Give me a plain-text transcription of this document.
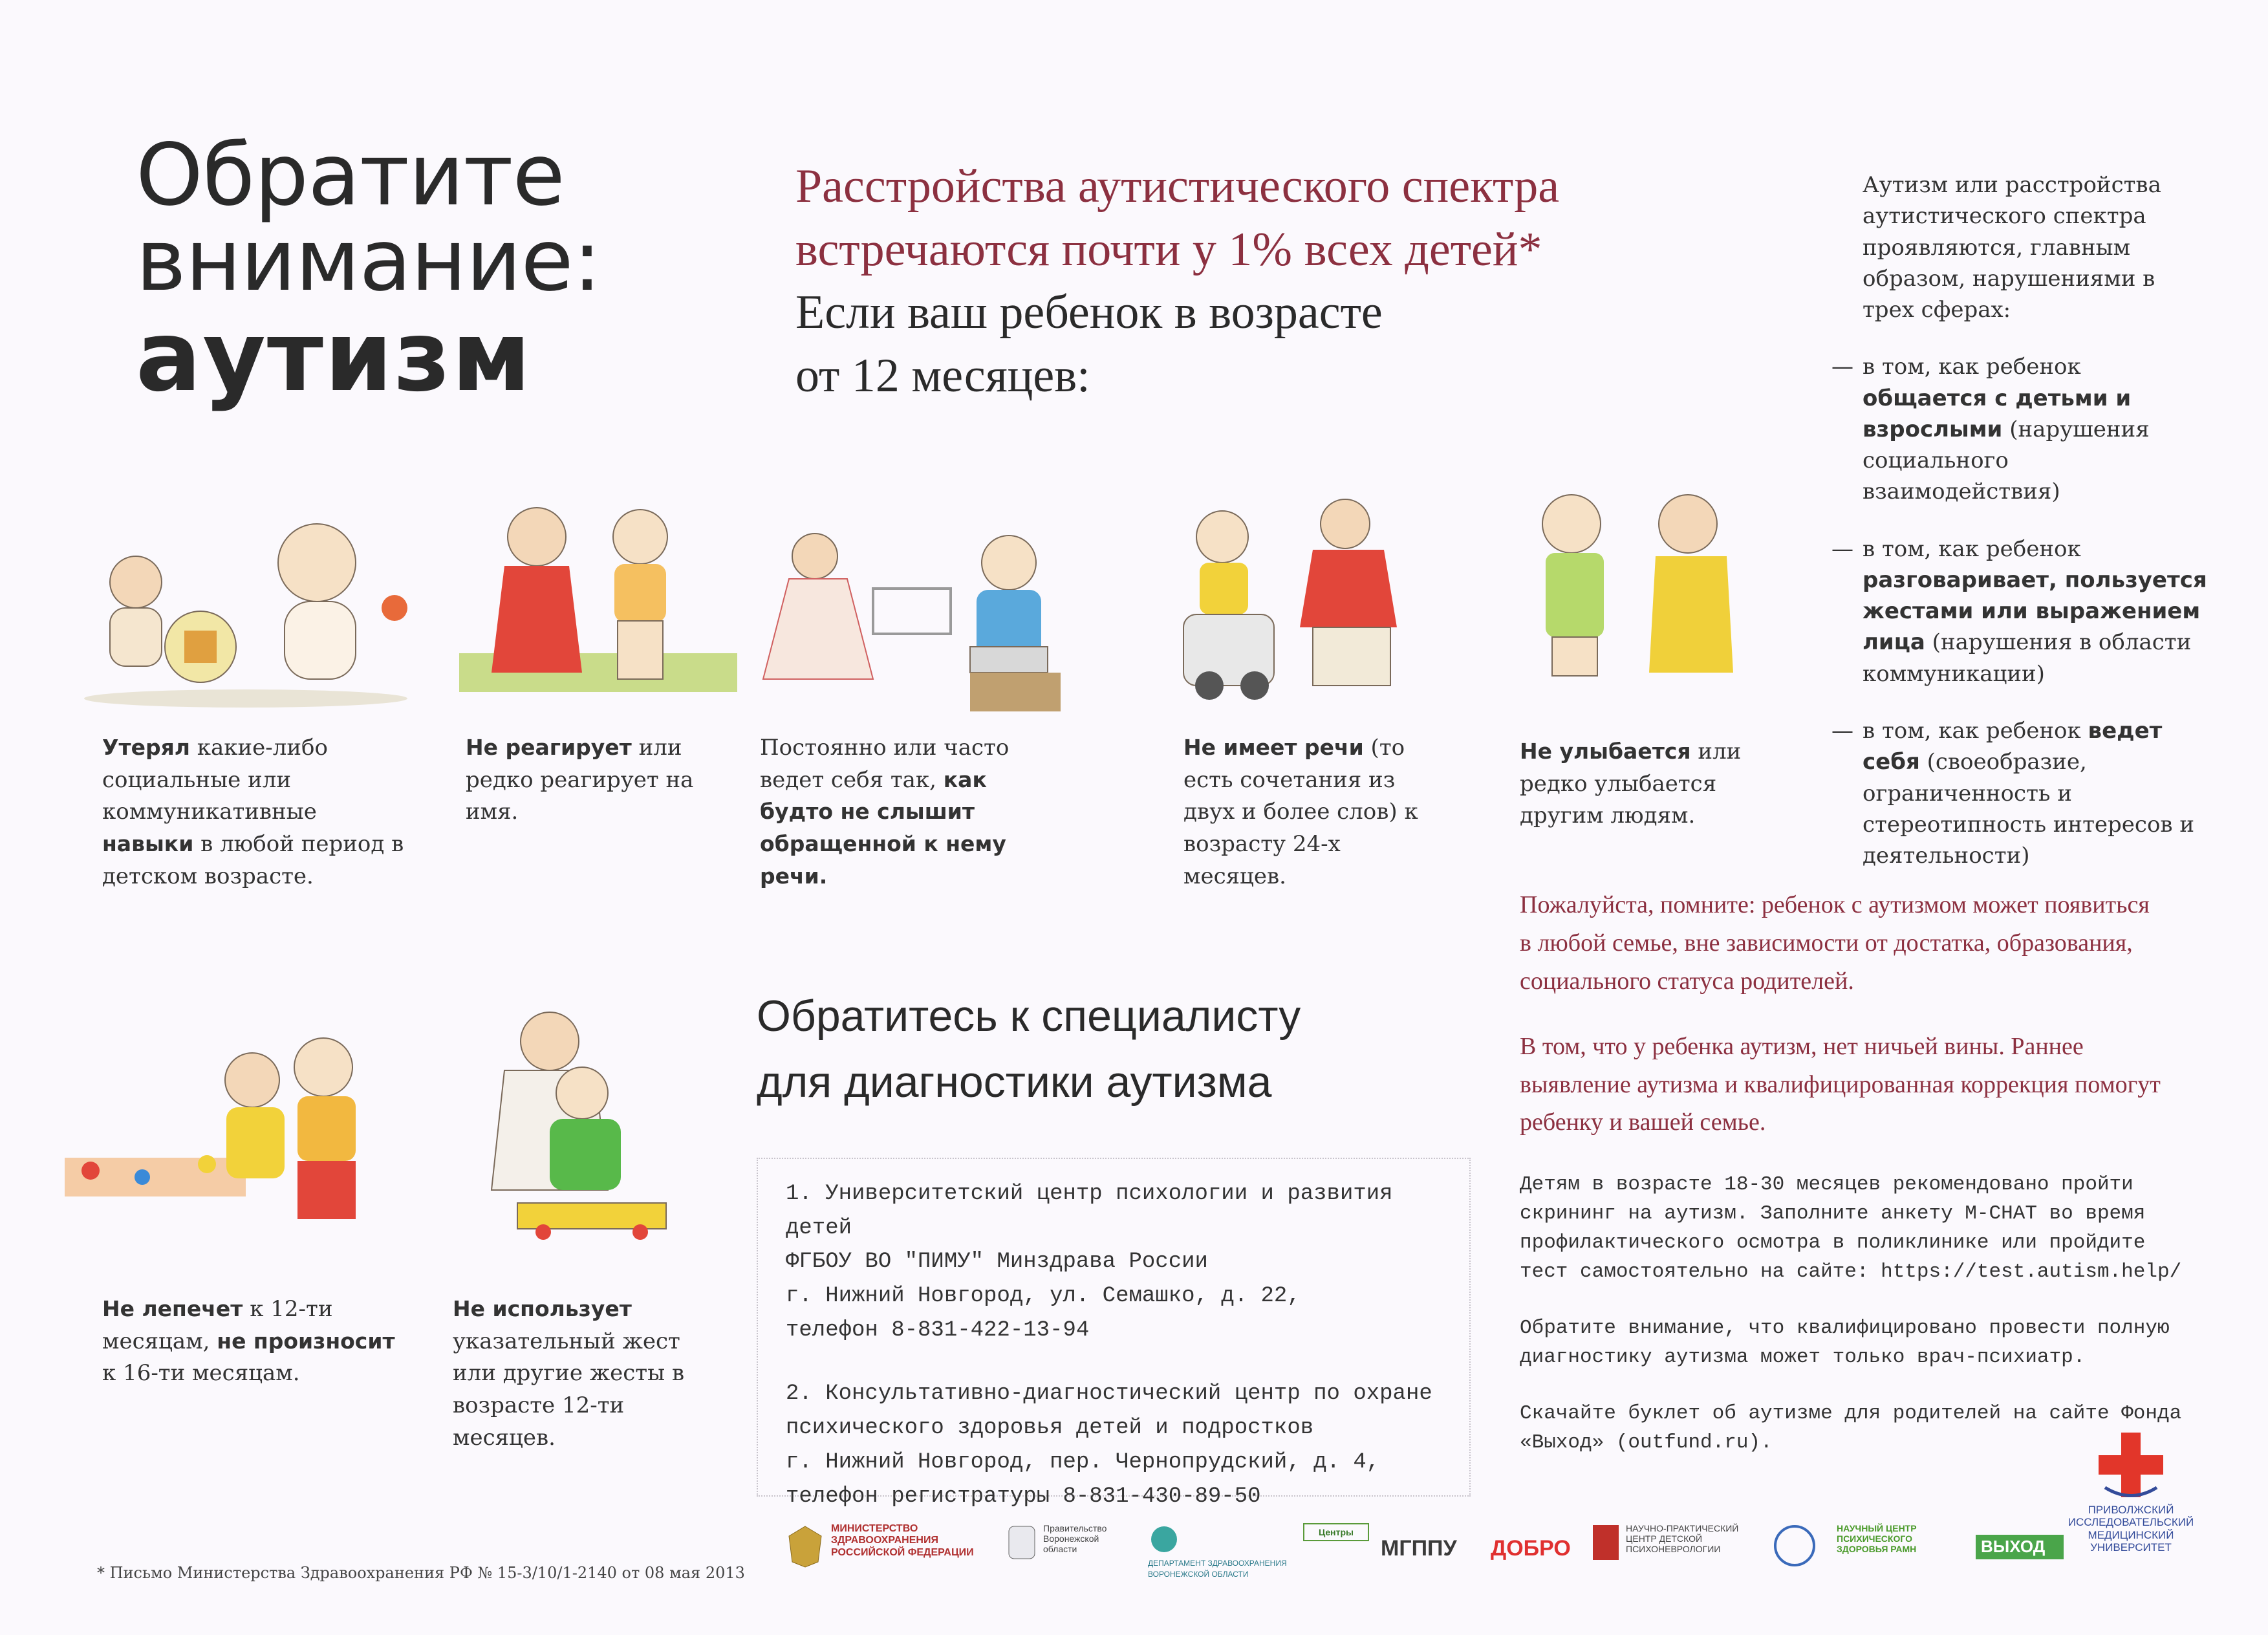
Обратите
внимание:
аутизм
Расстройства аутистического спектра
встречаются почти у 1% всех детей*
Если ваш ребенок в возрасте
от 12 месяцев:

Аутизм или расстройства аутистического спектра проявляются, главным образом, нарушениями в трех сферах:

— в том, как ребенок общается с детьми и взрослыми (нарушения социального взаимодействия)
— в том, как ребенок разговаривает, пользуется жестами или выражением лица (нарушения в области коммуникации)
— в том, как ребенок ведет себя (своеобразие, ограниченность и стереотипность интересов и деятельности)
Утерял какие-либо социальные или коммуникативные навыки в любой период в детском возрасте.
Не реагирует или редко реагирует на имя.
Постоянно или часто ведет себя так, как будто не слышит обращенной к нему речи.
Не имеет речи (то есть сочетания из двух и более слов) к возрасту 24-х месяцев.
Не улыбается или редко улыбается другим людям.
Не лепечет к 12-ти месяцам, не произносит к 16-ти месяцам.
Не использует указательный жест или другие жесты в возрасте 12-ти месяцев.

Пожалуйста, помните: ребенок с аутизмом может появиться в любой семье, вне зависимости от достатка, образования, социального статуса родителей.

В том, что у ребенка аутизм, нет ничьей вины. Раннее выявление аутизма и квалифицированная коррекция помогут ребенку и вашей семье.

Обратитесь к специалисту
для диагностики аутизма

1. Университетский центр психологии и развития детей
ФГБОУ ВО "ПИМУ" Минздрава России
г. Нижний Новгород, ул. Семашко, д. 22,
телефон 8-831-422-13-94

2. Консультативно-диагностический центр по охране
психического здоровья детей и подростков
г. Нижний Новгород, пер. Чернопрудский, д. 4,
телефон регистратуры 8-831-430-89-50

Детям в возрасте 18-30 месяцев рекомендовано пройти скрининг на аутизм. Заполните анкету M-CHAT во время профилактического осмотра в поликлинике или пройдите тест самостоятельно на сайте: https://test.autism.help/

Обратите внимание, что квалифицировано провести полную диагностику аутизма может только врач-психиатр.

Скачайте буклет об аутизме для родителей на сайте Фонда «Выход» (outfund.ru).

* Письмо Министерства Здравоохранения РФ № 15-3/10/1-2140 от 08 мая 2013
МИНИСТЕРСТВО ЗДРАВООХРАНЕНИЯ РОССИЙСКОЙ ФЕДЕРАЦИИ
Правительство Воронежской области

ДЕПАРТАМЕНТ ЗДРАВООХРАНЕНИЯ ВОРОНЕЖСКОЙ ОБЛАСТИ
Центры
МГППУ	ДОБРО
НАУЧНО-ПРАКТИЧЕСКИЙ ЦЕНТР ДЕТСКОЙ ПСИХОНЕВРОЛОГИИ
НАУЧНЫЙ ЦЕНТР ПСИХИЧЕСКОГО ЗДОРОВЬЯ РАМН	ВЫХОД
ПРИВОЛЖСКИЙ ИССЛЕДОВАТЕЛЬСКИЙ МЕДИЦИНСКИЙ УНИВЕРСИТЕТ
